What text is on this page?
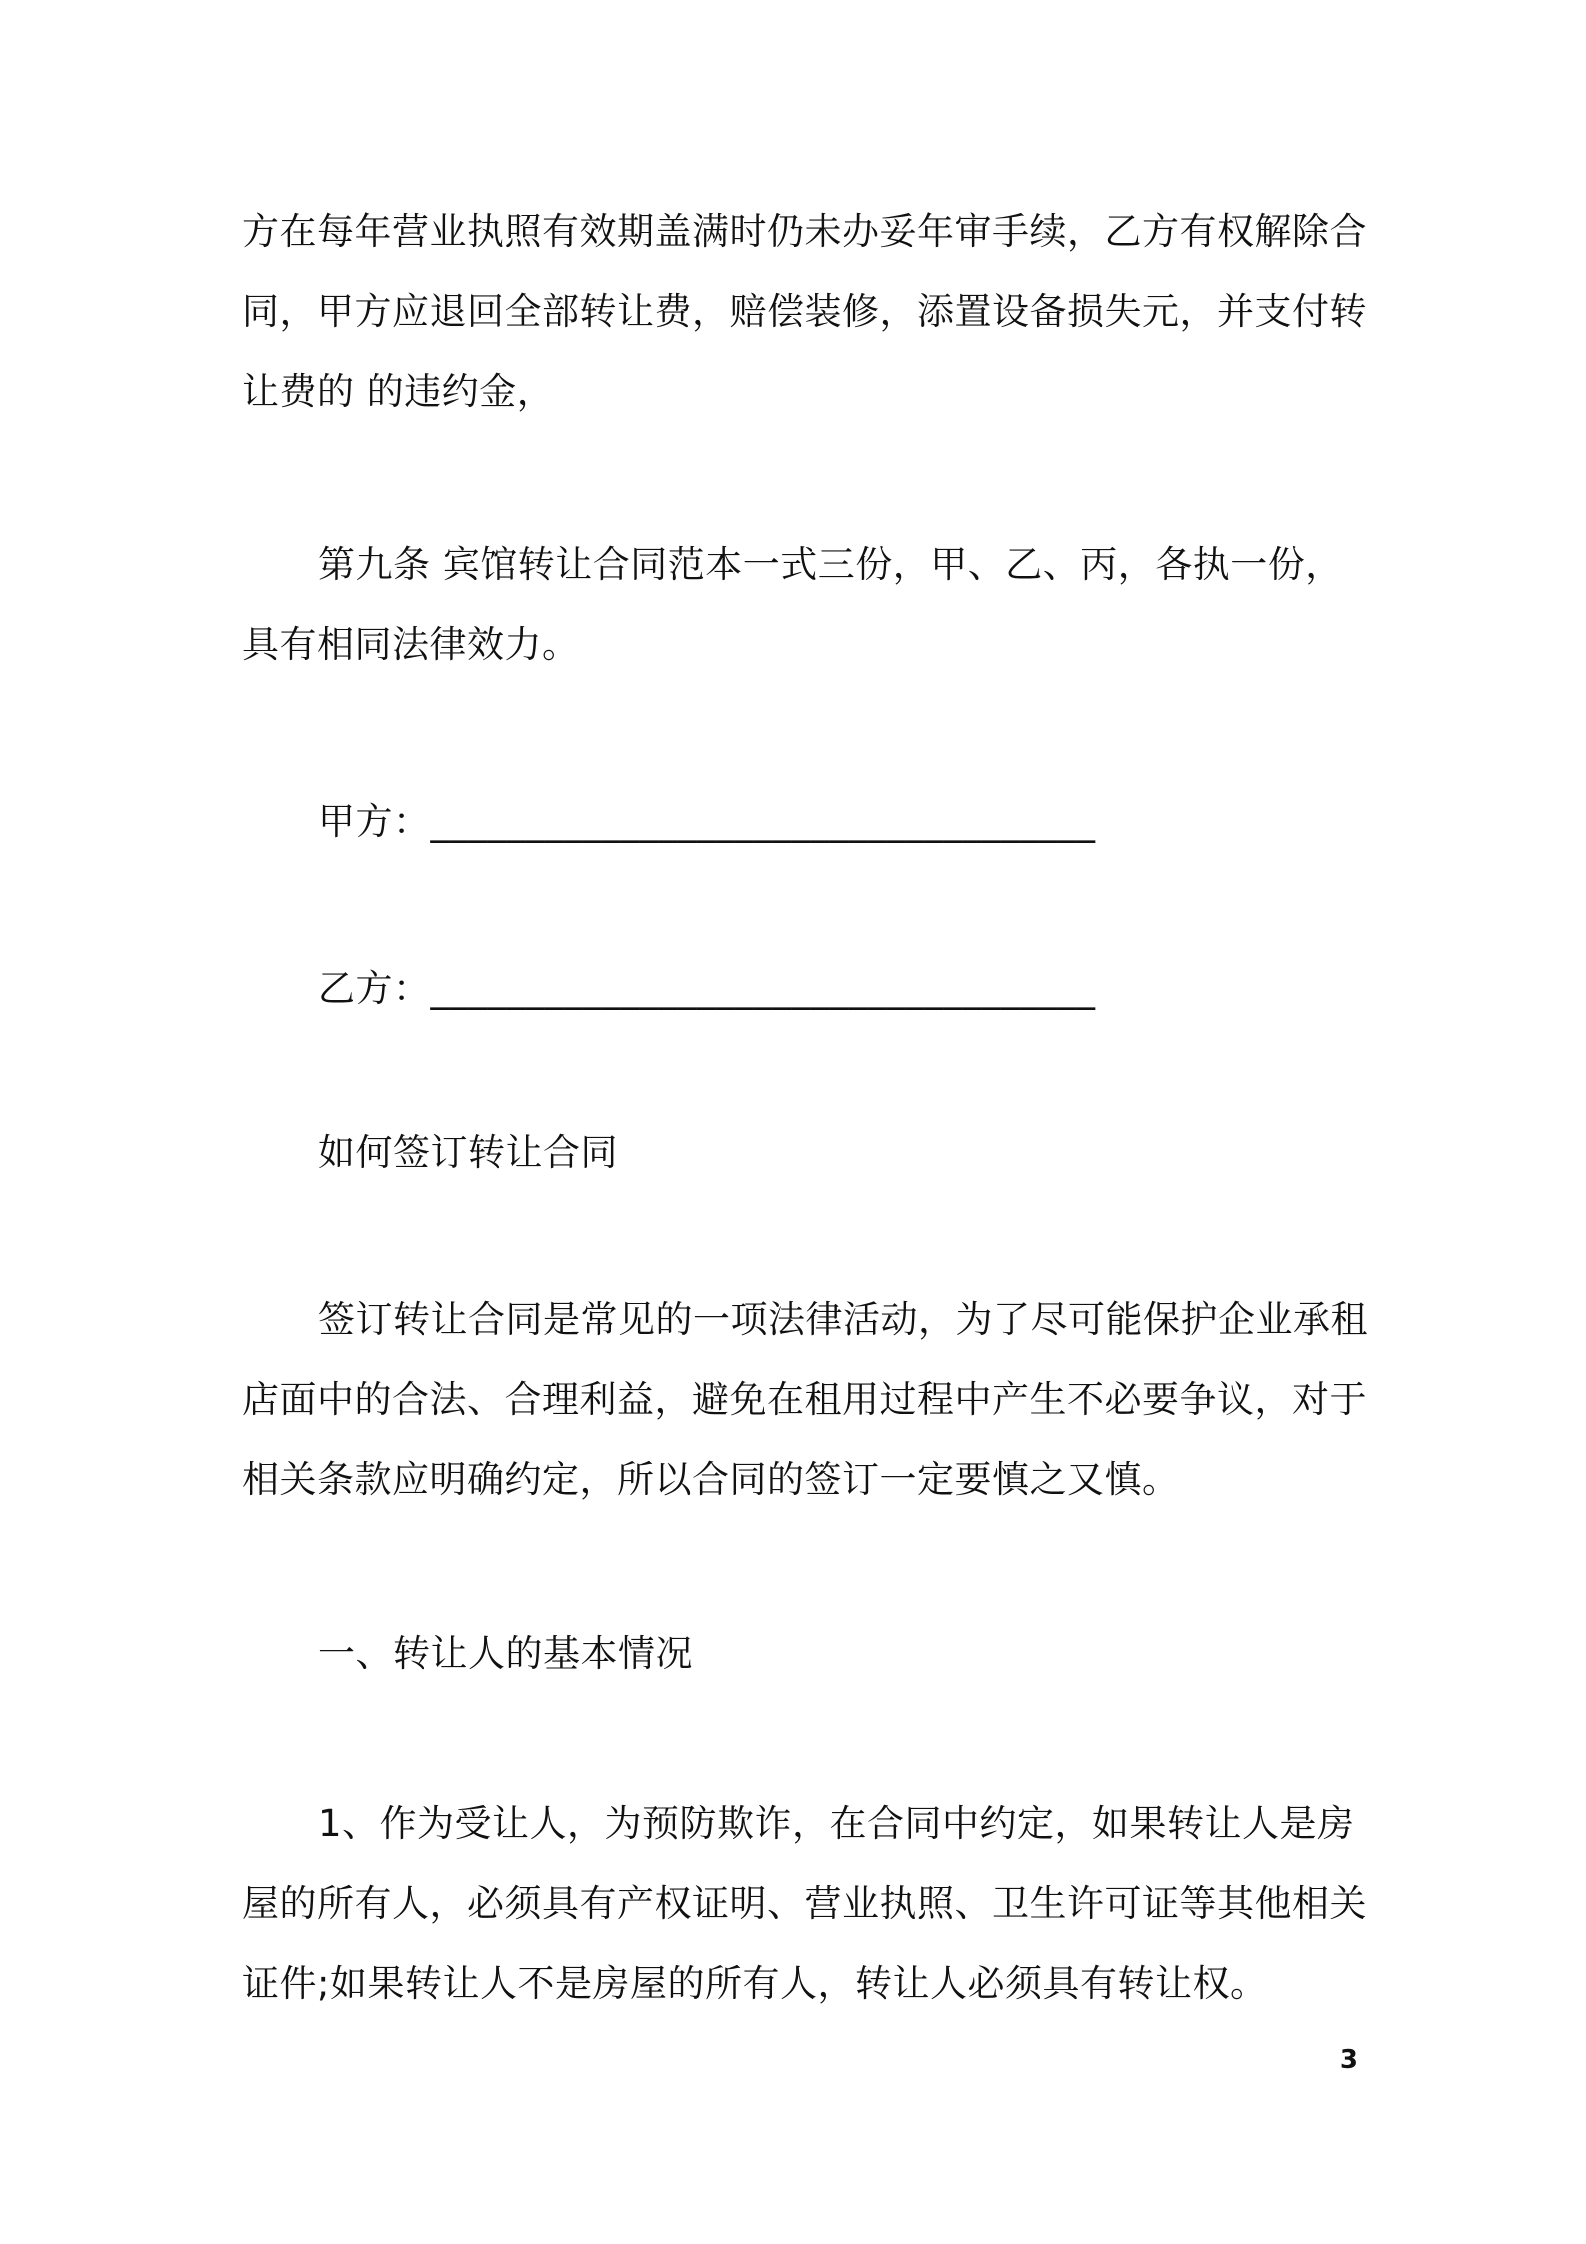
方在每年营业执照有效期盖满时仍未办妥年审手续，乙方有权解除合
同，甲方应退回全部转让费，赔偿装修，添置设备损失元，并支付转
让费的 的违约金，
第九条 宾馆转让合同范本一式三份，甲、乙、丙，各执一份，
具有相同法律效力。
甲方：___________________________________
乙方：___________________________________
如何签订转让合同
签订转让合同是常见的一项法律活动，为了尽可能保护企业承租
店面中的合法、合理利益，避免在租用过程中产生不必要争议，对于
相关条款应明确约定，所以合同的签订一定要慎之又慎。
一、转让人的基本情况
1、作为受让人，为预防欺诈，在合同中约定，如果转让人是房
屋的所有人，必须具有产权证明、营业执照、卫生许可证等其他相关
证件;如果转让人不是房屋的所有人，转让人必须具有转让权。
3
